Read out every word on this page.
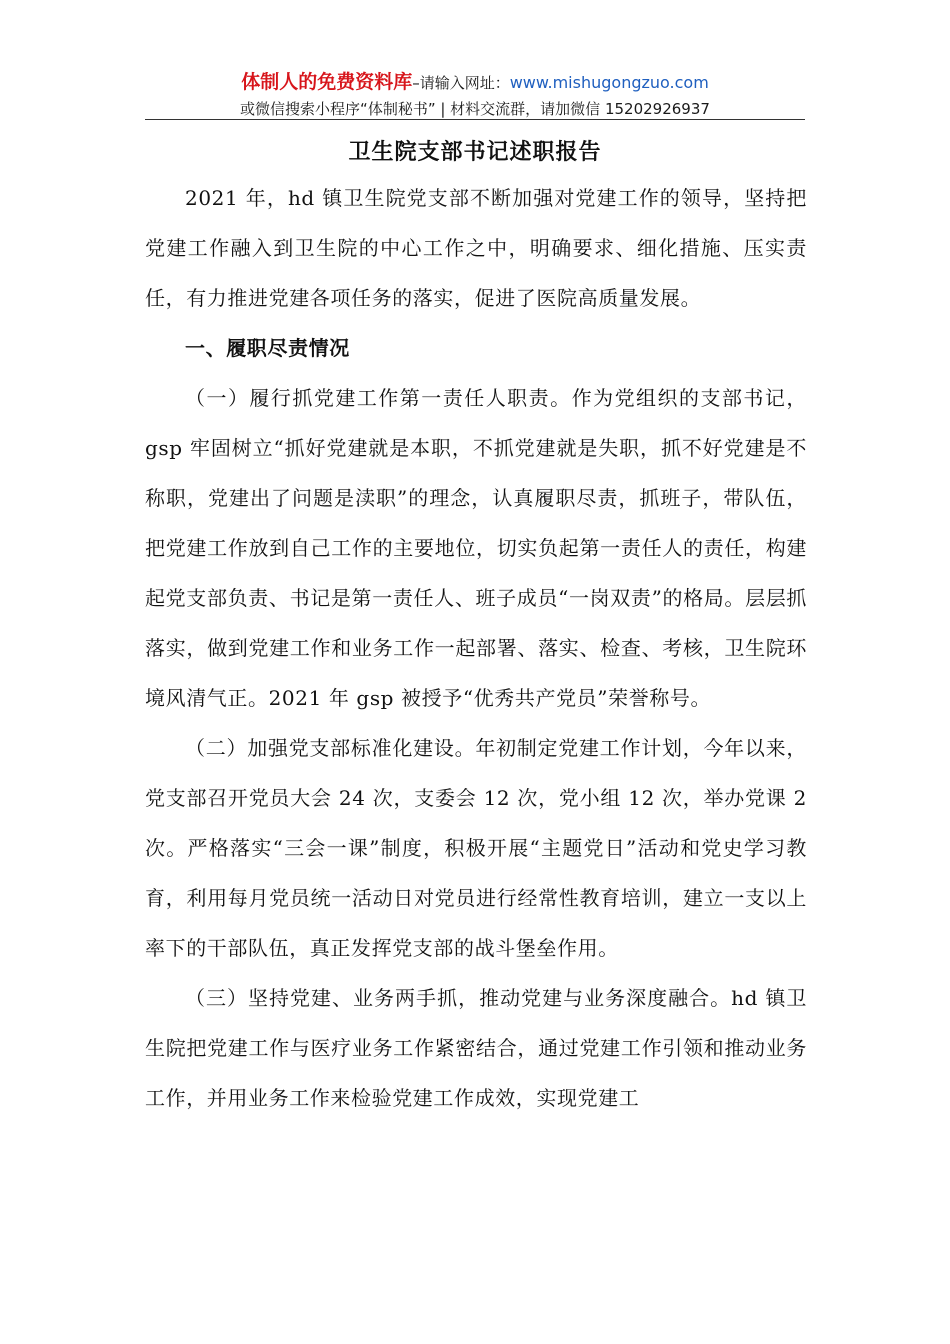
体制人的免费资料库–请输入网址：www.mishugongzuo.com
或微信搜索小程序“体制秘书” | 材料交流群，请加微信 15202926937
卫生院支部书记述职报告

2021 年，hd 镇卫生院党支部不断加强对党建工作的领导，坚持把党建工作融入到卫生院的中心工作之中，明确要求、细化措施、压实责任，有力推进党建各项任务的落实，促进了医院高质量发展。

一、履职尽责情况

（一）履行抓党建工作第一责任人职责。作为党组织的支部书记，gsp 牢固树立“抓好党建就是本职，不抓党建就是失职，抓不好党建是不称职，党建出了问题是渎职”的理念，认真履职尽责，抓班子，带队伍，把党建工作放到自己工作的主要地位，切实负起第一责任人的责任，构建起党支部负责、书记是第一责任人、班子成员“一岗双责”的格局。层层抓落实，做到党建工作和业务工作一起部署、落实、检查、考核，卫生院环境风清气正。2021 年 gsp 被授予“优秀共产党员”荣誉称号。

（二）加强党支部标准化建设。年初制定党建工作计划，今年以来，党支部召开党员大会 24 次，支委会 12 次，党小组 12 次，举办党课 2 次。严格落实“三会一课”制度，积极开展“主题党日”活动和党史学习教育，利用每月党员统一活动日对党员进行经常性教育培训，建立一支以上率下的干部队伍，真正发挥党支部的战斗堡垒作用。

（三）坚持党建、业务两手抓，推动党建与业务深度融合。hd 镇卫生院把党建工作与医疗业务工作紧密结合，通过党建工作引领和推动业务工作，并用业务工作来检验党建工作成效，实现党建工
